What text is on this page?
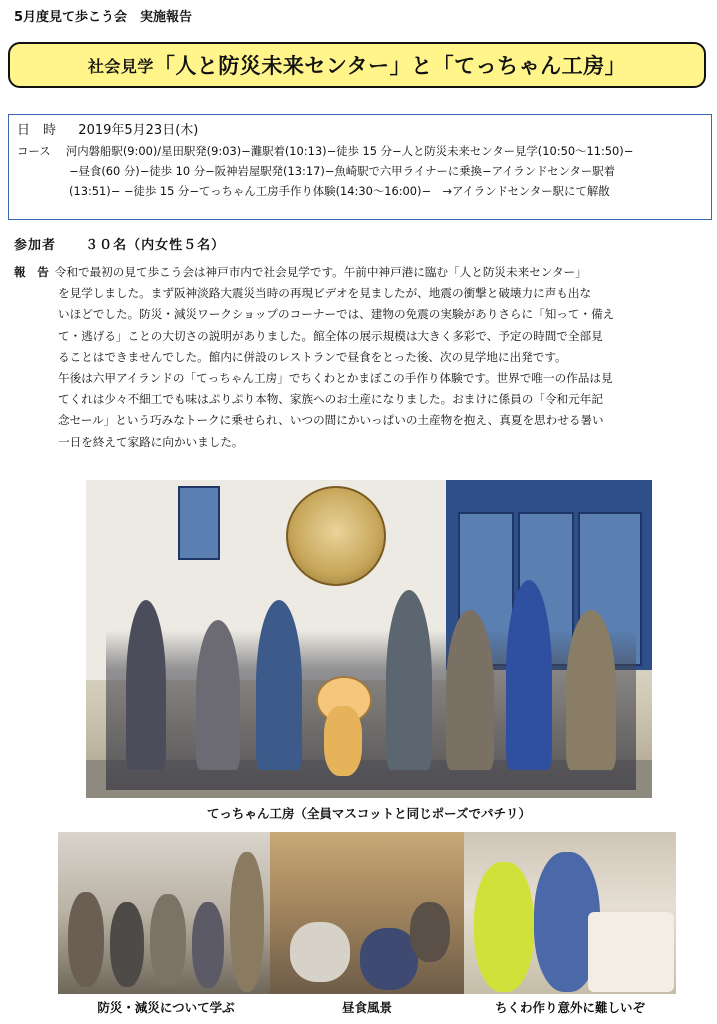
5月度見て歩こう会　実施報告
社会見学 「人と防災未来センター」と「てっちゃん工房」
日　時 2019年5月23日(木)
コース 河内磐船駅(9:00)/星田駅発(9:03)−灘駅着(10:13)−徒歩 15 分−人と防災未来センター見学(10:50〜11:50)−
−昼食(60 分)−徒歩 10 分−阪神岩屋駅発(13:17)−魚崎駅で六甲ライナーに乗換−アイランドセンター駅着
(13:51)− −徒歩 15 分−てっちゃん工房手作り体験(14:30〜16:00)−　→アイランドセンター駅にて解散
参加者 ３０名（内女性５名）

報　告 令和で最初の見て歩こう会は神戸市内で社会見学です。午前中神戸港に臨む「人と防災未来センター」

を見学しました。まず阪神淡路大震災当時の再現ビデオを見ましたが、地震の衝撃と破壊力に声も出な

いほどでした。防災・減災ワークショップのコーナーでは、建物の免震の実験がありさらに「知って・備え

て・逃げる」ことの大切さの説明がありました。館全体の展示規模は大きく多彩で、予定の時間で全部見

ることはできませんでした。館内に併設のレストランで昼食をとった後、次の見学地に出発です。

午後は六甲アイランドの「てっちゃん工房」でちくわとかまぼこの手作り体験です。世界で唯一の作品は見

てくれは少々不細工でも味はぷりぷり本物、家族へのお土産になりました。おまけに係員の「令和元年記

念セール」という巧みなトークに乗せられ、いつの間にかいっぱいの土産物を抱え、真夏を思わせる暑い

一日を終えて家路に向かいました。

てっちゃん工房（全員マスコットと同じポーズでパチリ）
防災・減災について学ぶ	昼食風景	ちくわ作り意外に難しいぞ
